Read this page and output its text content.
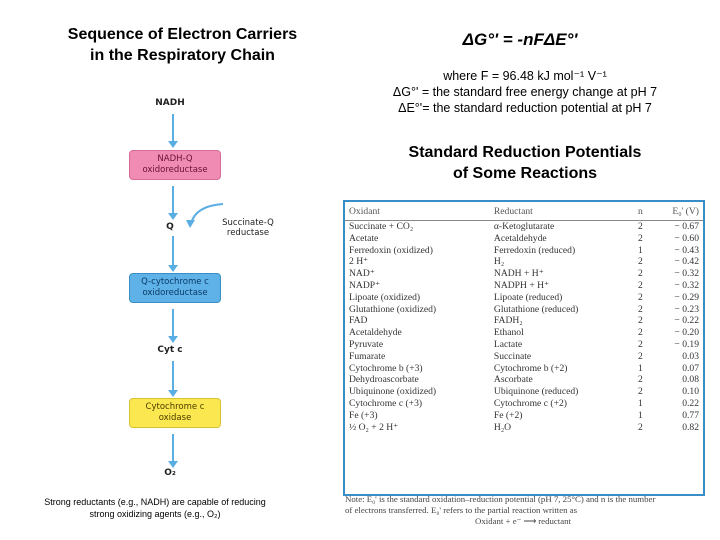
Sequence of Electron Carriers
in the Respiratory Chain
ΔG°' = -nFΔE°'
where F = 96.48 kJ mol⁻¹ V⁻¹
ΔG°' = the standard free energy change at pH 7
ΔE°'= the standard reduction potential at pH 7
Standard Reduction Potentials
of Some Reactions
NADH
NADH-Q
oxidoreductase
Q	Succinate-Q
reductase
Q-cytochrome c
oxidoreductase
Cyt c
Cytochrome c
oxidase
O₂
Strong reductants (e.g., NADH) are capable of reducing
strong oxidizing agents (e.g., O₂)
Oxidant	Reductant	n	E₀' (V)
Succinate + CO₂	α-Ketoglutarate	2	− 0.67
Acetate	Acetaldehyde	2	− 0.60
Ferredoxin (oxidized)	Ferredoxin (reduced)	1	− 0.43
2 H⁺	H₂	2	− 0.42
NAD⁺	NADH + H⁺	2	− 0.32
NADP⁺	NADPH + H⁺	2	− 0.32
Lipoate (oxidized)	Lipoate (reduced)	2	− 0.29
Glutathione (oxidized)	Glutathione (reduced)	2	− 0.23
FAD	FADH₂	2	− 0.22
Acetaldehyde	Ethanol	2	− 0.20
Pyruvate	Lactate	2	− 0.19
Fumarate	Succinate	2	0.03
Cytochrome b (+3)	Cytochrome b (+2)	1	0.07
Dehydroascorbate	Ascorbate	2	0.08
Ubiquinone (oxidized)	Ubiquinone (reduced)	2	0.10
Cytochrome c (+3)	Cytochrome c (+2)	1	0.22
Fe (+3)	Fe (+2)	1	0.77
½ O₂ + 2 H⁺	H₂O	2	0.82
Note: E₀' is the standard oxidation–reduction potential (pH 7, 25°C) and n is the number
of electrons transferred. E₀' refers to the partial reaction written as
Oxidant + e⁻ ⟶ reductant
